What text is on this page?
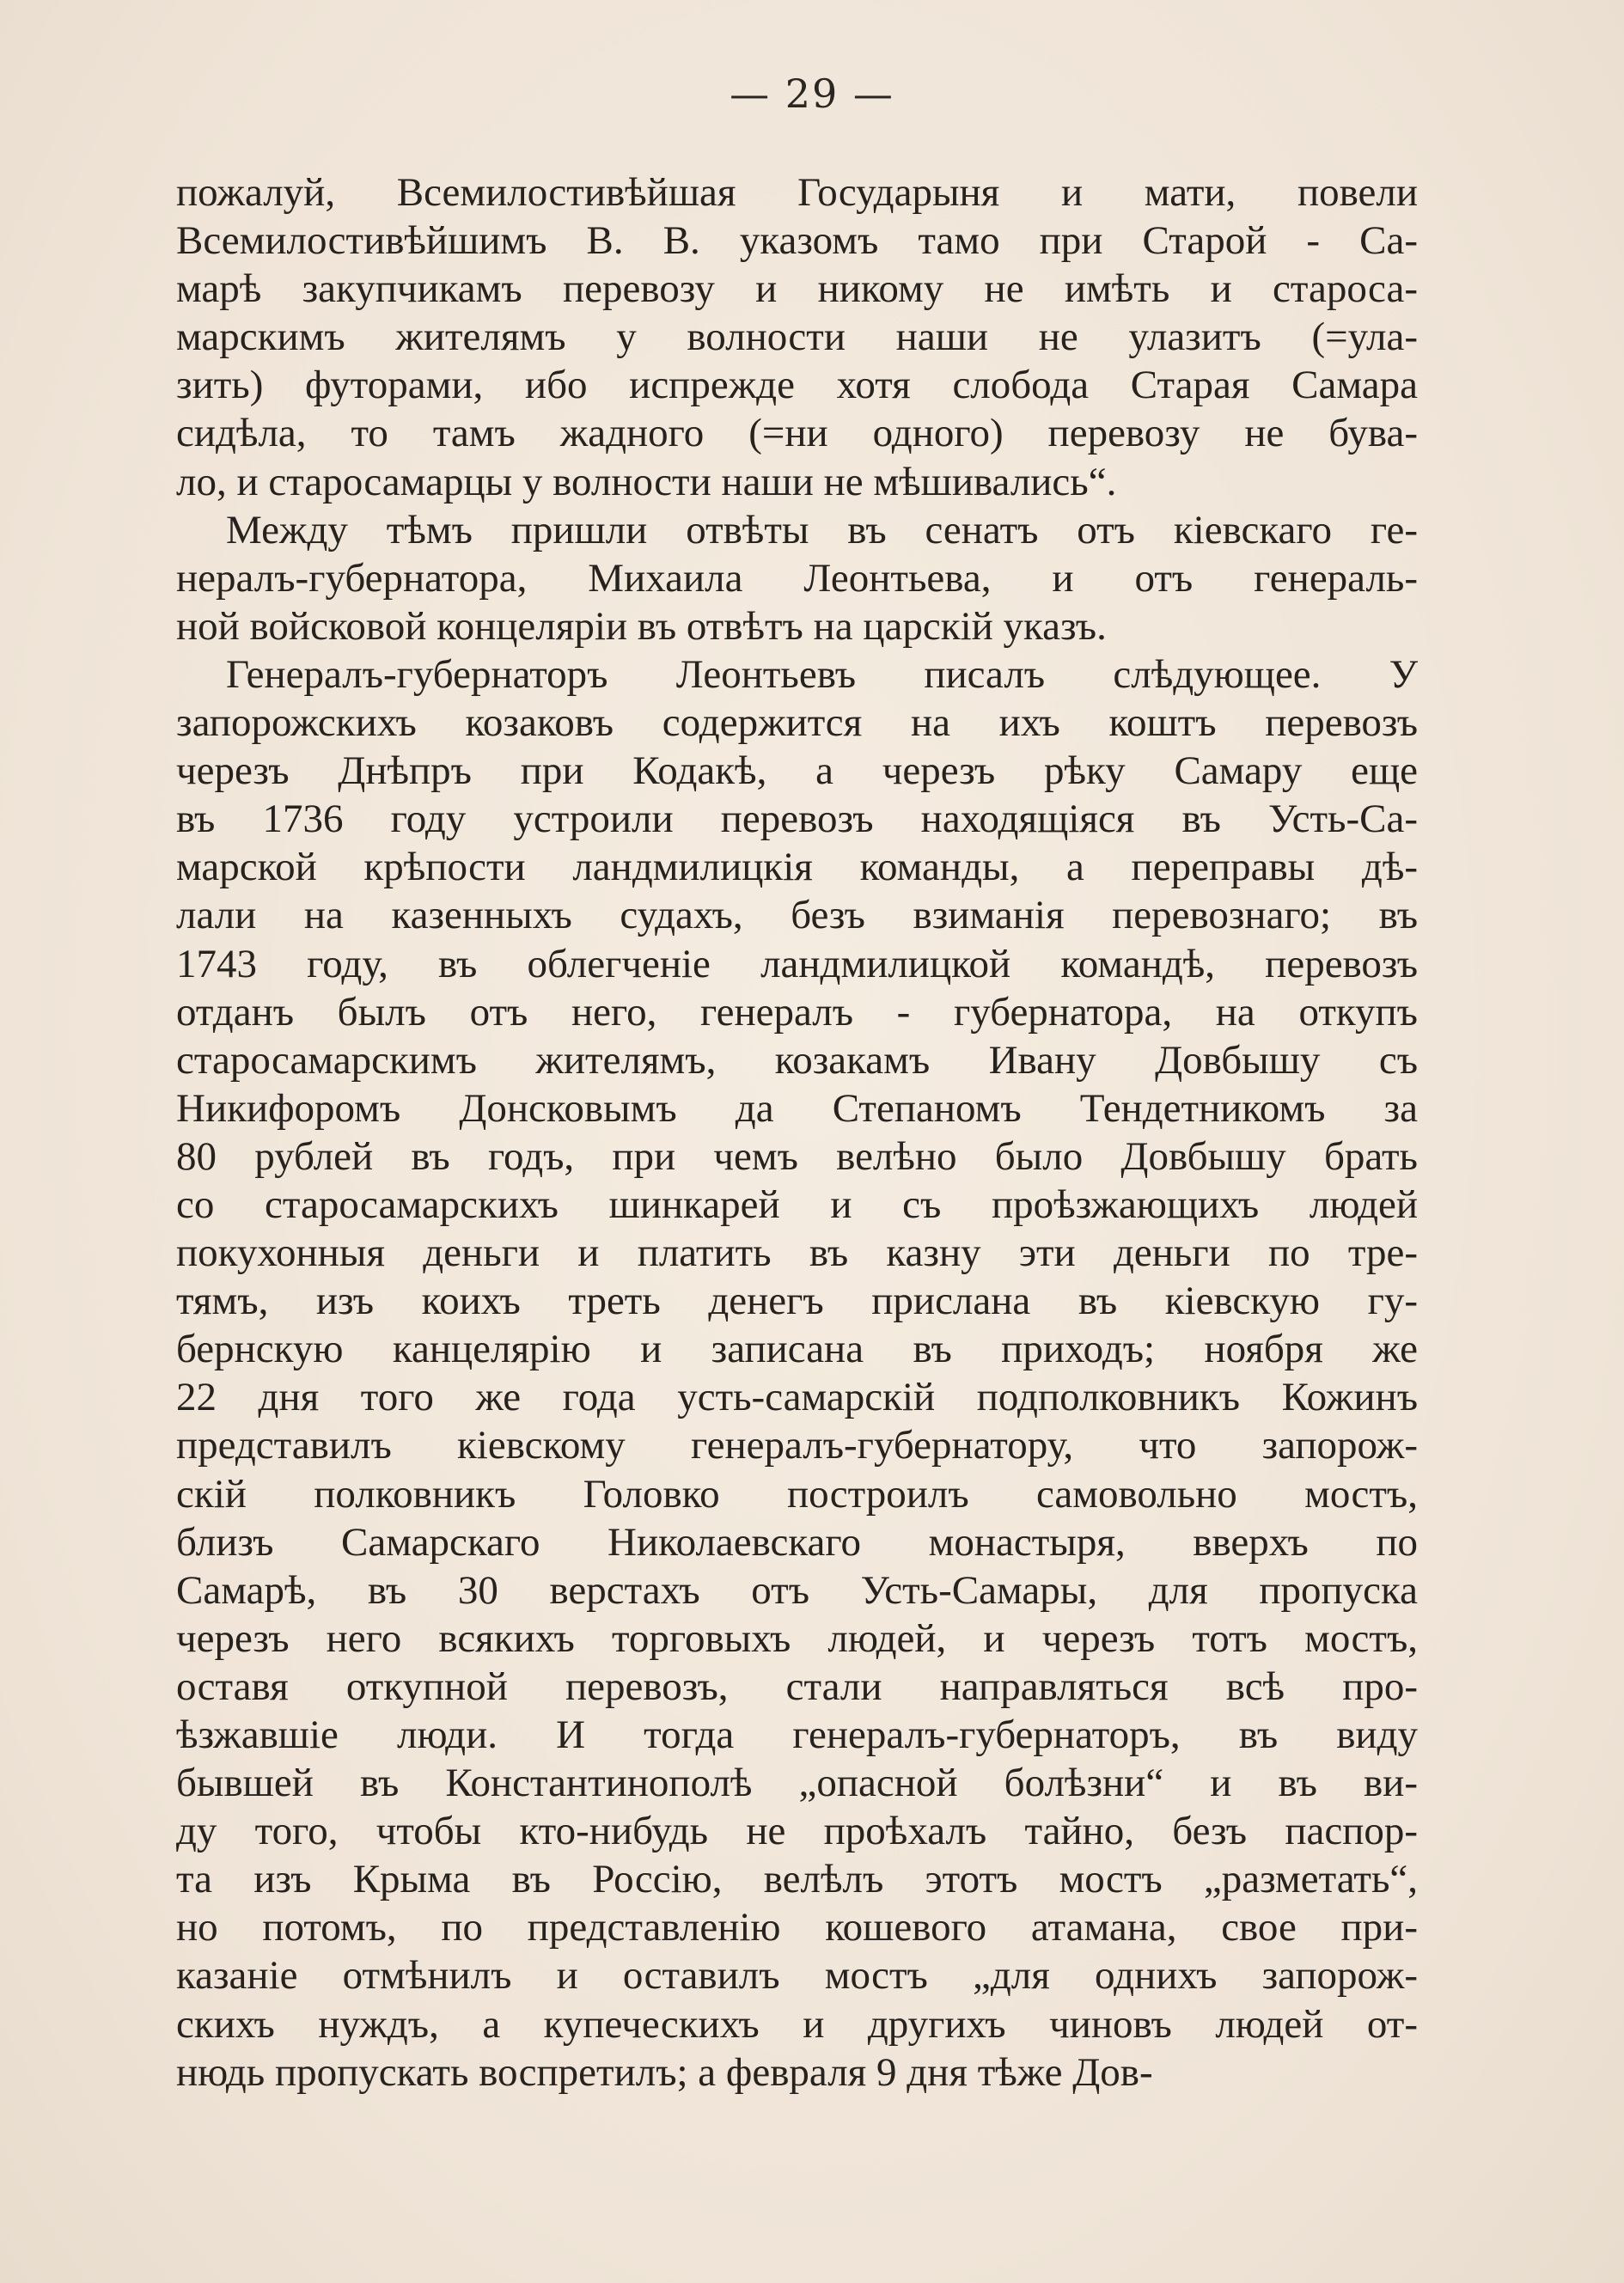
— 29 —
пожалуй, Всемилостивѣйшая Государыня и мати, повели
Всемилостивѣйшимъ В. В. указомъ тамо при Старой - Са-
марѣ закупчикамъ перевозу и никому не имѣть и староса-
марскимъ жителямъ у волности наши не улазитъ (=ула-
зить) футорами, ибо испрежде хотя слобода Старая Самара
сидѣла, то тамъ жадного (=ни одного) перевозу не бува-
ло, и старосамарцы у волности наши не мѣшивались“.
Между тѣмъ пришли отвѣты въ сенатъ отъ кіевскаго ге-
нералъ-губернатора, Михаила Леонтьева, и отъ генераль-
ной войсковой концеляріи въ отвѣтъ на царскій указъ.
Генералъ-губернаторъ Леонтьевъ писалъ слѣдующее. У
запорожскихъ козаковъ содержится на ихъ коштъ перевозъ
черезъ Днѣпръ при Кодакѣ, а черезъ рѣку Самару еще
въ 1736 году устроили перевозъ находящіяся въ Усть-Са-
марской крѣпости ландмилицкія команды, а переправы дѣ-
лали на казенныхъ судахъ, безъ взиманія перевознаго; въ
1743 году, въ облегченіе ландмилицкой командѣ, перевозъ
отданъ былъ отъ него, генералъ - губернатора, на откупъ
старосамарскимъ жителямъ, козакамъ Ивану Довбышу съ
Никифоромъ Донсковымъ да Степаномъ Тендетникомъ за
80 рублей въ годъ, при чемъ велѣно было Довбышу брать
со старосамарскихъ шинкарей и съ проѣзжающихъ людей
покухонныя деньги и платить въ казну эти деньги по тре-
тямъ, изъ коихъ треть денегъ прислана въ кіевскую гу-
бернскую канцелярію и записана въ приходъ; ноября же
22 дня того же года усть-самарскій подполковникъ Кожинъ
представилъ кіевскому генералъ-губернатору, что запорож-
скій полковникъ Головко построилъ самовольно мостъ,
близъ Самарскаго Николаевскаго монастыря, вверхъ по
Самарѣ, въ 30 верстахъ отъ Усть-Самары, для пропуска
черезъ него всякихъ торговыхъ людей, и черезъ тотъ мостъ,
оставя откупной перевозъ, стали направляться всѣ про-
ѣзжавшіе люди. И тогда генералъ-губернаторъ, въ виду
бывшей въ Константинополѣ „опасной болѣзни“ и въ ви-
ду того, чтобы кто-нибудь не проѣхалъ тайно, безъ паспор-
та изъ Крыма въ Россію, велѣлъ этотъ мостъ „разметать“,
но потомъ, по представленію кошевого атамана, свое при-
казаніе отмѣнилъ и оставилъ мостъ „для однихъ запорож-
скихъ нуждъ, а купеческихъ и другихъ чиновъ людей от-
нюдь пропускать воспретилъ; а февраля 9 дня тѣже Дов-
